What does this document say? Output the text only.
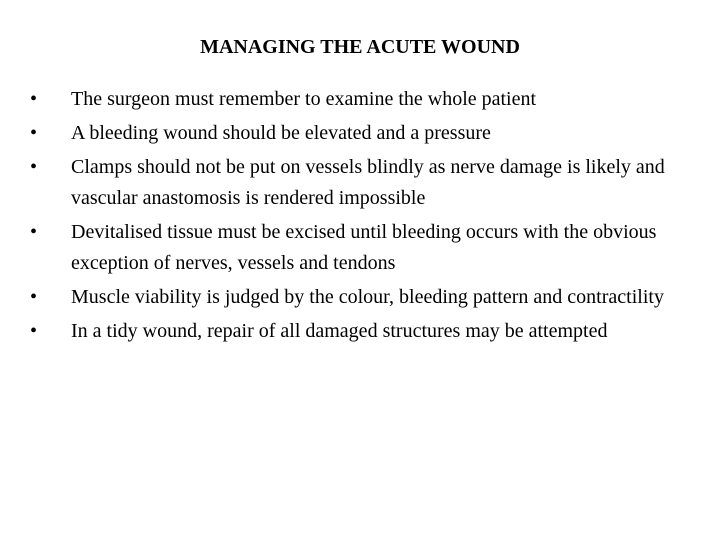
MANAGING THE ACUTE WOUND
•	The surgeon must remember to examine the whole patient
•	A bleeding wound should be elevated and a pressure
•	Clamps should not be put on vessels blindly as nerve damage is likely and vascular anastomosis is rendered impossible
•	Devitalised tissue must be excised until bleeding occurs with the obvious exception of nerves, vessels and tendons
•	Muscle viability is judged by the colour, bleeding pattern and contractility
•	In a tidy wound, repair of all damaged structures may be attempted
